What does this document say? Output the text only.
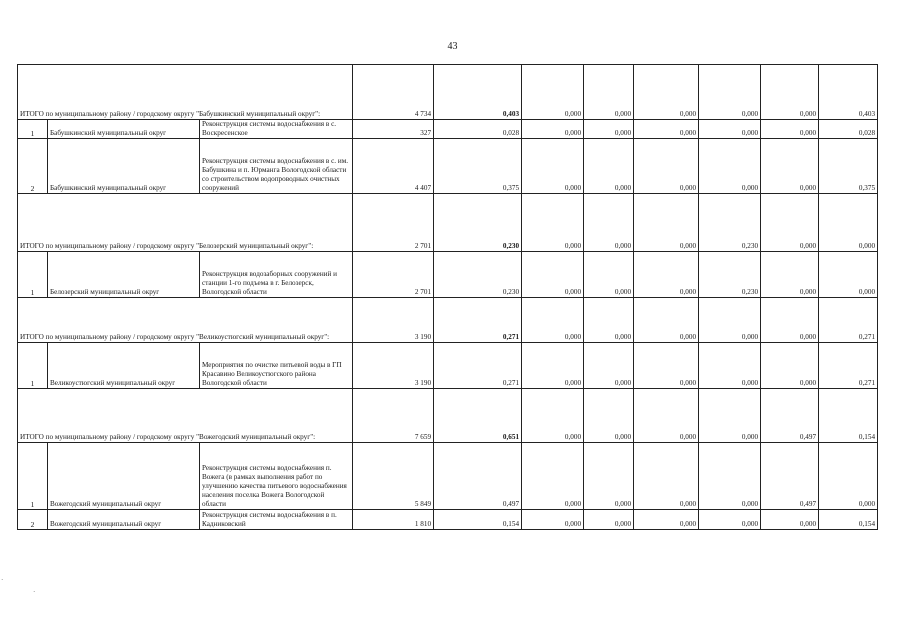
43
ИТОГО по муниципальному району / городскому округу "Бабушкинский муниципальный округ":			4 734	0,403	0,000	0,000	0,000	0,000	0,000	0,403
1	Бабушкинский муниципальный округ	Реконструкция системы водоснабжения в с. Воскресенское	327	0,028	0,000	0,000	0,000	0,000	0,000	0,028
2	Бабушкинский муниципальный округ	Реконструкция системы водоснабжения в с. им. Бабушкина и п. Юрманга Вологодской области со строительством водопроводных очистных сооружений	4 407	0,375	0,000	0,000	0,000	0,000	0,000	0,375
ИТОГО по муниципальному району / городскому округу "Белозерский муниципальный округ":			2 701	0,230	0,000	0,000	0,000	0,230	0,000	0,000
1	Белозерский муниципальный округ	Реконструкция водозаборных сооружений и станции 1-го подъема в г. Белозерск, Вологодской области	2 701	0,230	0,000	0,000	0,000	0,230	0,000	0,000
ИТОГО по муниципальному району / городскому округу "Великоустюгский муниципальный округ":			3 190	0,271	0,000	0,000	0,000	0,000	0,000	0,271
1	Великоустюгский муниципальный округ	Мероприятия по очистке питьевой воды в ГП Красавино Великоустюгского района Вологодской области	3 190	0,271	0,000	0,000	0,000	0,000	0,000	0,271
ИТОГО по муниципальному району / городскому округу "Вожегодский муниципальный округ":			7 659	0,651	0,000	0,000	0,000	0,000	0,497	0,154
1	Вожегодский муниципальный округ	Реконструкция системы водоснабжения п. Вожега (в рамках выполнения работ по улучшению качества питьевого водоснабжения населения поселка Вожега Вологодской области	5 849	0,497	0,000	0,000	0,000	0,000	0,497	0,000
2	Вожегодский муниципальный округ	Реконструкция системы водоснабжения в п. Кадниковский	1 810	0,154	0,000	0,000	0,000	0,000	0,000	0,154
·
·
